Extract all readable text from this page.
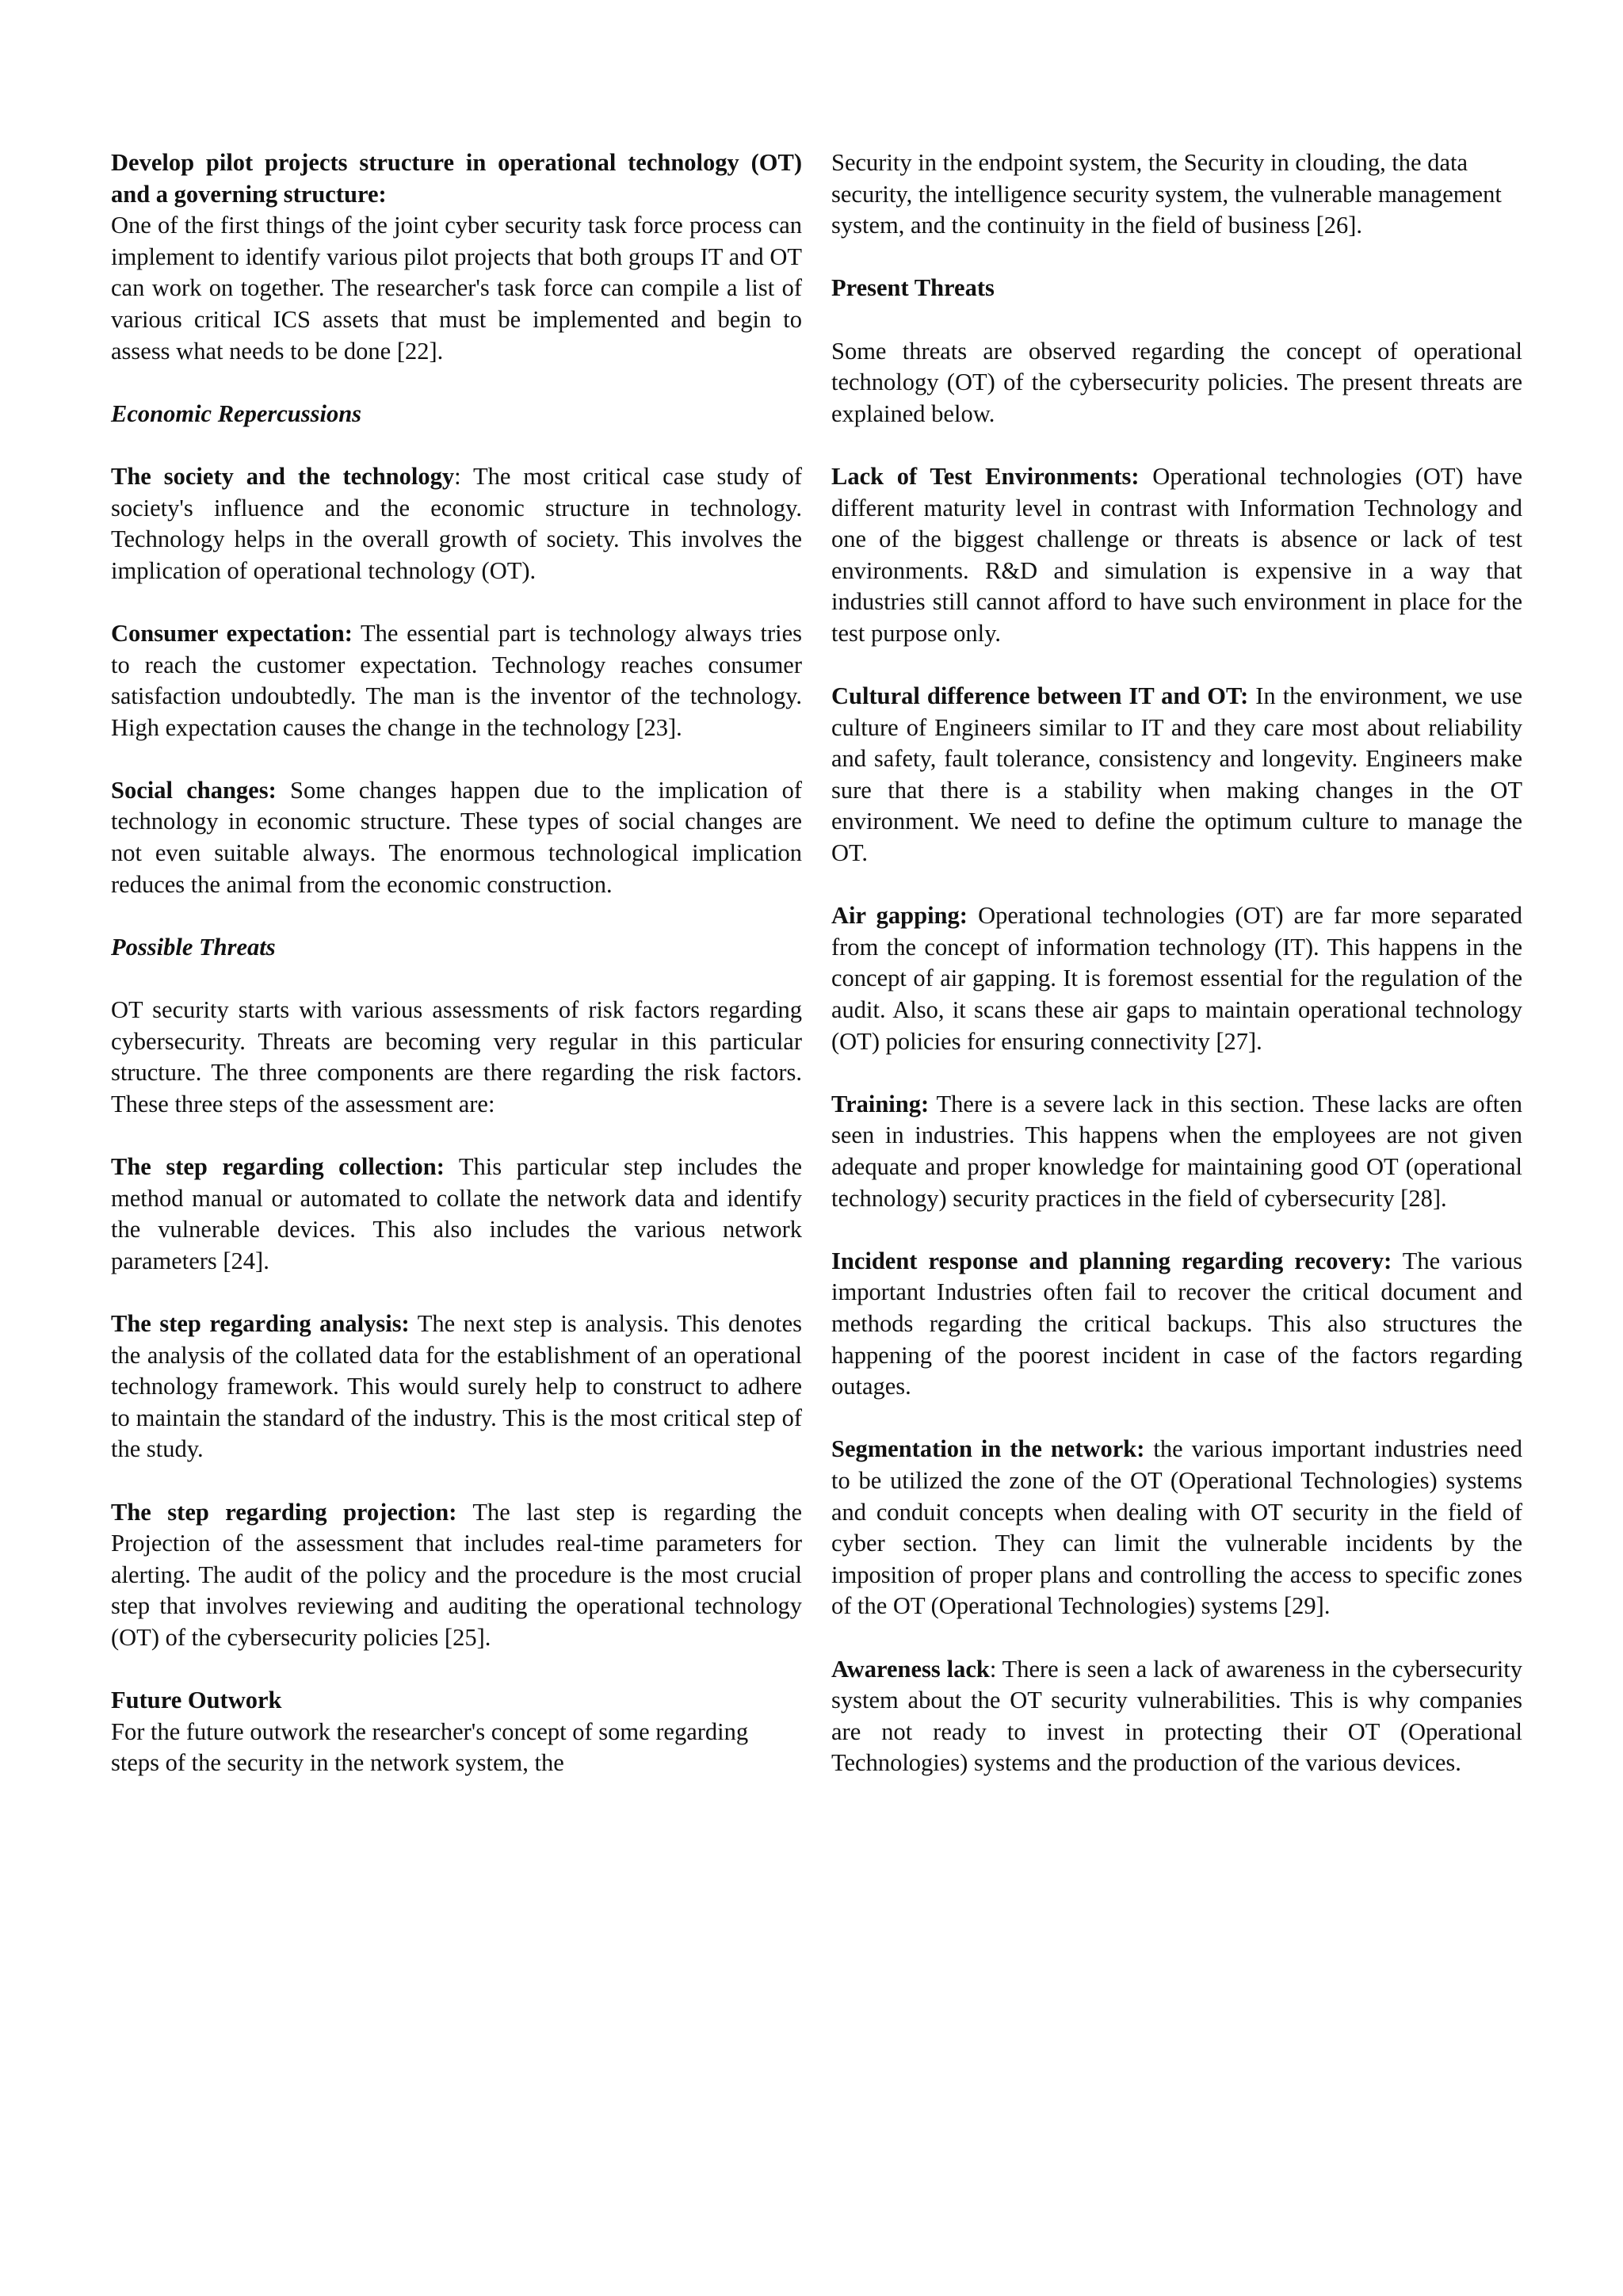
Develop pilot projects structure in operational technology (OT) and a governing structure:
One of the first things of the joint cyber security task force process can implement to identify various pilot projects that both groups IT and OT can work on together. The researcher's task force can compile a list of various critical ICS assets that must be implemented and begin to assess what needs to be done [22].
Economic Repercussions
The society and the technology: The most critical case study of society's influence and the economic structure in technology. Technology helps in the overall growth of society. This involves the implication of operational technology (OT).
Consumer expectation: The essential part is technology always tries to reach the customer expectation. Technology reaches consumer satisfaction undoubtedly. The man is the inventor of the technology. High expectation causes the change in the technology [23].
Social changes: Some changes happen due to the implication of technology in economic structure. These types of social changes are not even suitable always. The enormous technological implication reduces the animal from the economic construction.
Possible Threats
OT security starts with various assessments of risk factors regarding cybersecurity. Threats are becoming very regular in this particular structure. The three components are there regarding the risk factors. These three steps of the assessment are:
The step regarding collection: This particular step includes the method manual or automated to collate the network data and identify the vulnerable devices. This also includes the various network parameters [24].
The step regarding analysis: The next step is analysis. This denotes the analysis of the collated data for the establishment of an operational technology framework. This would surely help to construct to adhere to maintain the standard of the industry. This is the most critical step of the study.
The step regarding projection: The last step is regarding the Projection of the assessment that includes real-time parameters for alerting. The audit of the policy and the procedure is the most crucial step that involves reviewing and auditing the operational technology (OT) of the cybersecurity policies [25].
Future Outwork
For the future outwork the researcher's concept of some regarding steps of the security in the network system, the
Security in the endpoint system, the Security in clouding, the data security, the intelligence security system, the vulnerable management system, and the continuity in the field of business [26].
Present Threats
Some threats are observed regarding the concept of operational technology (OT) of the cybersecurity policies. The present threats are explained below.
Lack of Test Environments: Operational technologies (OT) have different maturity level in contrast with Information Technology and one of the biggest challenge or threats is absence or lack of test environments. R&D and simulation is expensive in a way that industries still cannot afford to have such environment in place for the test purpose only.
Cultural difference between IT and OT: In the environment, we use culture of Engineers similar to IT and they care most about reliability and safety, fault tolerance, consistency and longevity. Engineers make sure that there is a stability when making changes in the OT environment. We need to define the optimum culture to manage the OT.
Air gapping: Operational technologies (OT) are far more separated from the concept of information technology (IT). This happens in the concept of air gapping. It is foremost essential for the regulation of the audit. Also, it scans these air gaps to maintain operational technology (OT) policies for ensuring connectivity [27].
Training: There is a severe lack in this section. These lacks are often seen in industries. This happens when the employees are not given adequate and proper knowledge for maintaining good OT (operational technology) security practices in the field of cybersecurity [28].
Incident response and planning regarding recovery: The various important Industries often fail to recover the critical document and methods regarding the critical backups. This also structures the happening of the poorest incident in case of the factors regarding outages.
Segmentation in the network: the various important industries need to be utilized the zone of the OT (Operational Technologies) systems and conduit concepts when dealing with OT security in the field of cyber section. They can limit the vulnerable incidents by the imposition of proper plans and controlling the access to specific zones of the OT (Operational Technologies) systems [29].
Awareness lack: There is seen a lack of awareness in the cybersecurity system about the OT security vulnerabilities. This is why companies are not ready to invest in protecting their OT (Operational Technologies) systems and the production of the various devices.
